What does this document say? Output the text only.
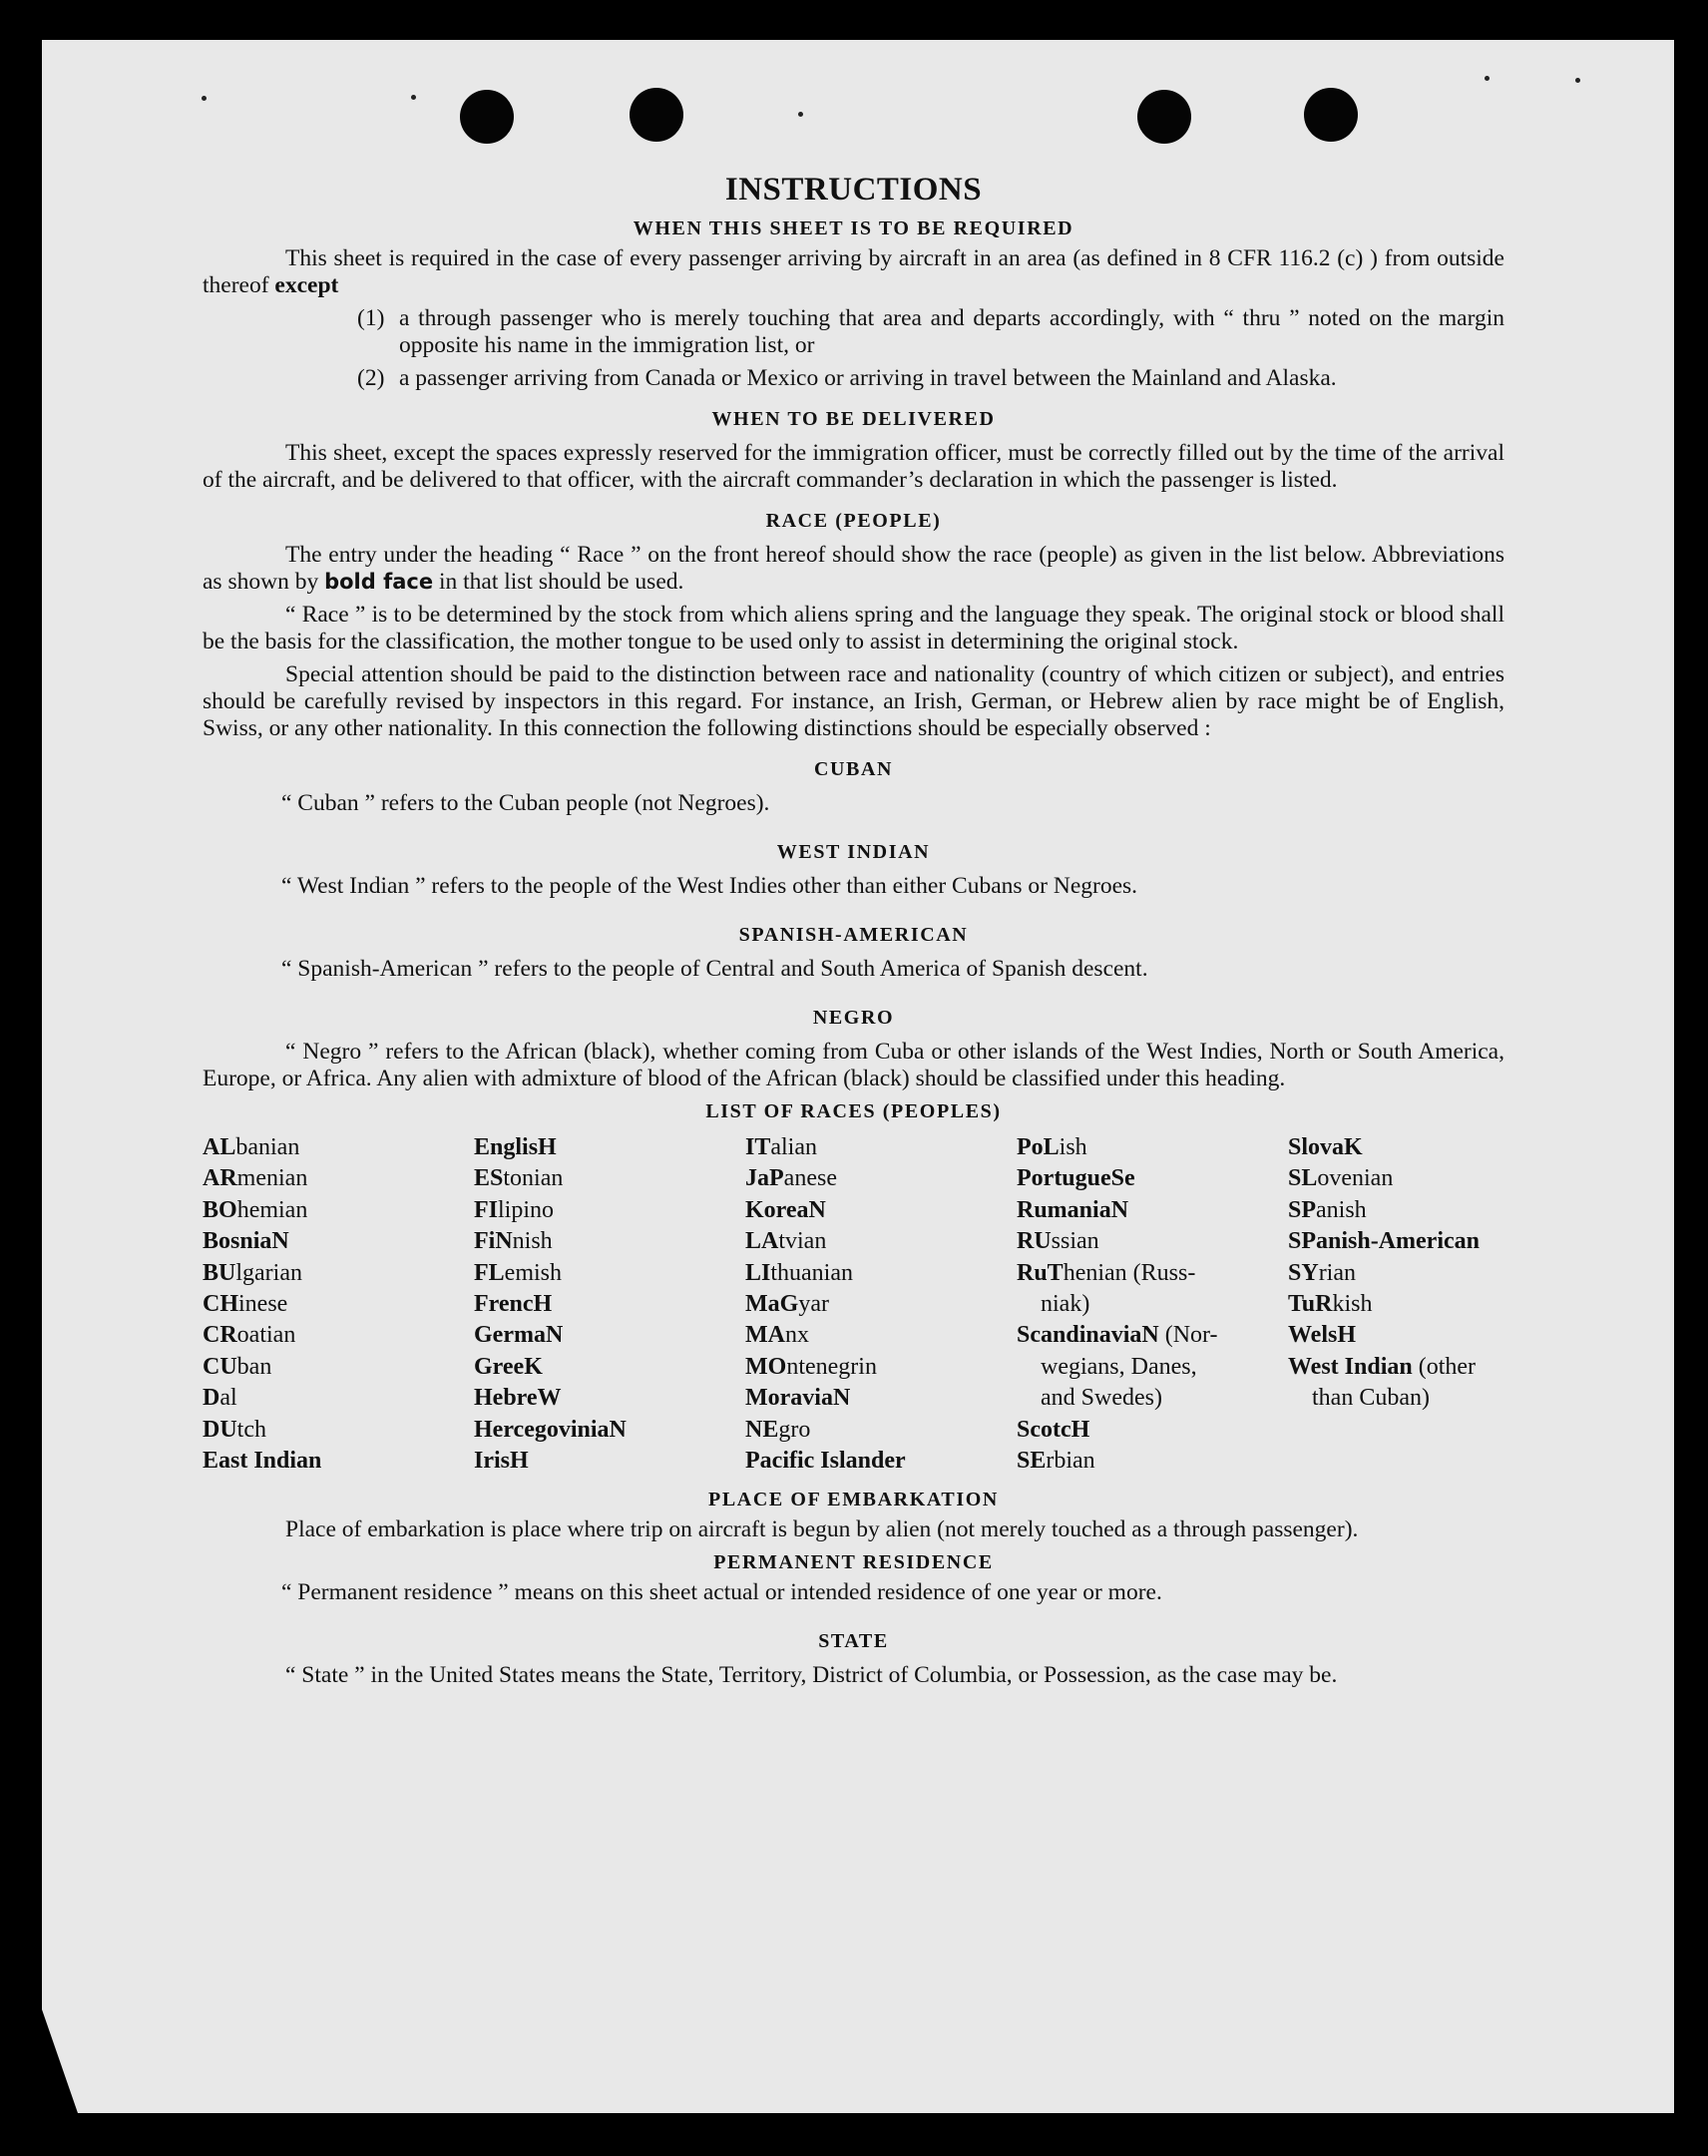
INSTRUCTIONS
WHEN THIS SHEET IS TO BE REQUIRED

This sheet is required in the case of every passenger arriving by aircraft in an area (as defined in 8 CFR 116.2 (c) ) from outside thereof except

(1) a through passenger who is merely touching that area and departs accordingly, with “ thru ” noted on the margin opposite his name in the immigration list, or
(2) a passenger arriving from Canada or Mexico or arriving in travel between the Mainland and Alaska.
WHEN TO BE DELIVERED

This sheet, except the spaces expressly reserved for the immigration officer, must be correctly filled out by the time of the arrival of the aircraft, and be delivered to that officer, with the aircraft commander’s declaration in which the passenger is listed.

RACE (PEOPLE)

The entry under the heading “ Race ” on the front hereof should show the race (people) as given in the list below. Abbreviations as shown by bold face in that list should be used.

“ Race ” is to be determined by the stock from which aliens spring and the language they speak. The original stock or blood shall be the basis for the classification, the mother tongue to be used only to assist in determining the original stock.

Special attention should be paid to the distinction between race and nationality (country of which citizen or subject), and entries should be carefully revised by inspectors in this regard. For instance, an Irish, German, or Hebrew alien by race might be of English, Swiss, or any other nationality. In this connection the following distinctions should be especially observed :

CUBAN

“ Cuban ” refers to the Cuban people (not Negroes).

WEST INDIAN

“ West Indian ” refers to the people of the West Indies other than either Cubans or Negroes.

SPANISH-AMERICAN

“ Spanish-American ” refers to the people of Central and South America of Spanish descent.

NEGRO

“ Negro ” refers to the African (black), whether coming from Cuba or other islands of the West Indies, North or South America, Europe, or Africa. Any alien with admixture of blood of the African (black) should be classified under this heading.

LIST OF RACES (PEOPLES)
ALbanian
ARmenian
BOhemian
BosniaN
BUlgarian
CHinese
CRoatian
CUban
Dal
DUtch
East Indian
EnglisH
EStonian
FIlipino
FiNnish
FLemish
FrencH
GermaN
GreeK
HebreW
HercegoviniaN
IrisH
ITalian
JaPanese
KoreaN
LAtvian
LIthuanian
MaGyar
MAnx
MOntenegrin
MoraviaN
NEgro
Pacific Islander
PoLish
PortugueSe
RumaniaN
RUssian
RuThenian (Russ-
niak)
ScandinaviaN (Nor-
wegians, Danes,
and Swedes)
ScotcH
SErbian
SlovaK
SLovenian
SPanish
SPanish-American
SYrian
TuRkish
WelsH
West Indian (other
than Cuban)
PLACE OF EMBARKATION

Place of embarkation is place where trip on aircraft is begun by alien (not merely touched as a through passenger).

PERMANENT RESIDENCE

“ Permanent residence ” means on this sheet actual or intended residence of one year or more.

STATE

“ State ” in the United States means the State, Territory, District of Columbia, or Possession, as the case may be.
